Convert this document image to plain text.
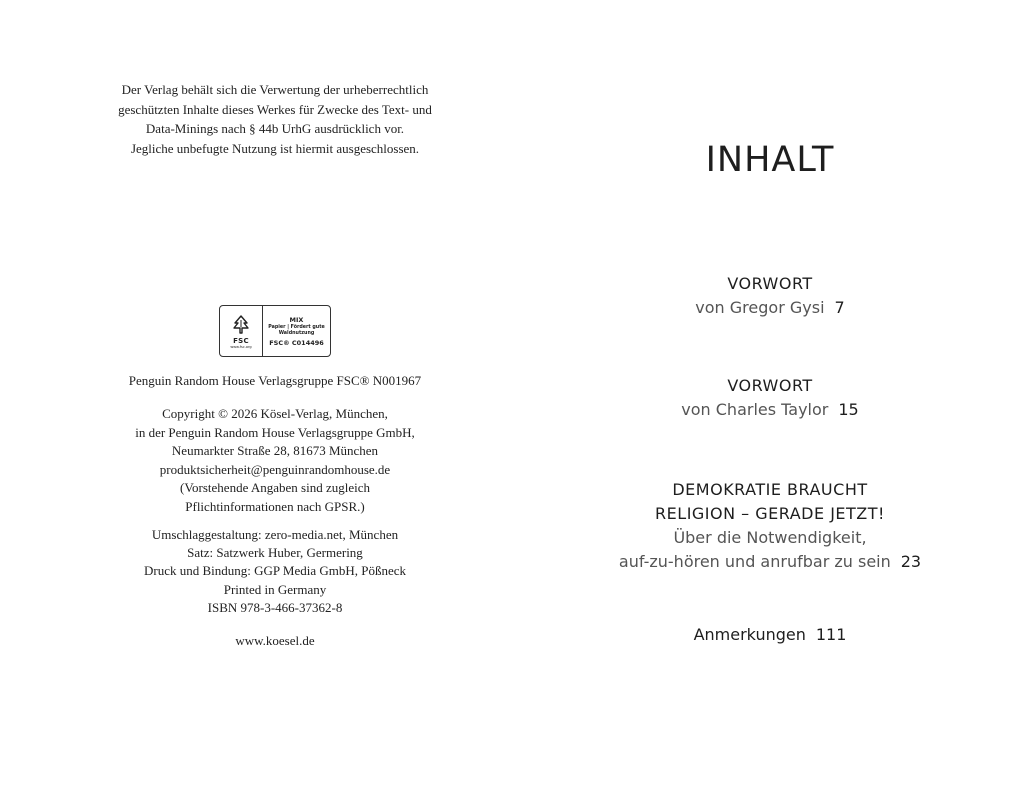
Der Verlag behält sich die Verwertung der urheberrechtlich
geschützten Inhalte dieses Werkes für Zwecke des Text- und
Data-Minings nach § 44b UrhG ausdrücklich vor.
Jegliche unbefugte Nutzung ist hiermit ausgeschlossen.
FSC
www.fsc.org
MIX
Papier | Fördert gute Waldnutzung
FSC® C014496
Penguin Random House Verlagsgruppe FSC® N001967
Copyright © 2026 Kösel-Verlag, München,
in der Penguin Random House Verlagsgruppe GmbH,
Neumarkter Straße 28, 81673 München
produktsicherheit@penguinrandomhouse.de
(Vorstehende Angaben sind zugleich
Pflichtinformationen nach GPSR.)
Umschlaggestaltung: zero-media.net, München
Satz: Satzwerk Huber, Germering
Druck und Bindung: GGP Media GmbH, Pößneck
Printed in Germany
ISBN 978-3-466-37362-8
www.koesel.de
INHALT
VORWORT
von Gregor Gysi 7
VORWORT
von Charles Taylor 15
DEMOKRATIE BRAUCHT
RELIGION – GERADE JETZT!
Über die Notwendigkeit,
auf-zu-hören und anrufbar zu sein 23
Anmerkungen 111
